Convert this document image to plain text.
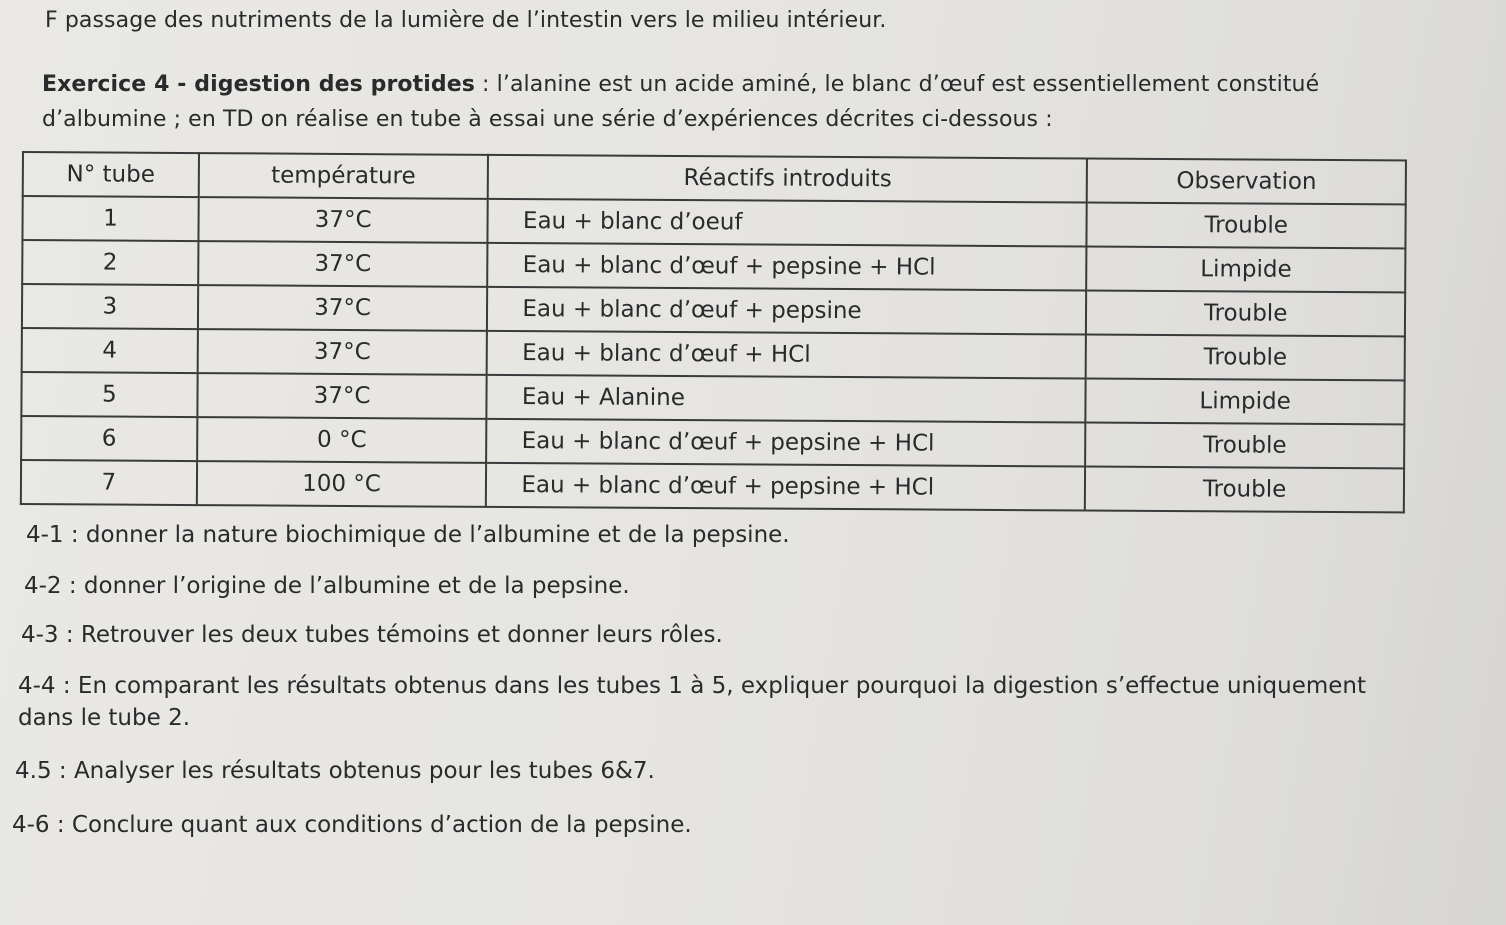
F passage des nutriments de la lumière de l’intestin vers le milieu intérieur.
Exercice 4 - digestion des protides : l’alanine est un acide aminé, le blanc d’œuf est essentiellement constitué
d’albumine ; en TD on réalise en tube à essai une série d’expériences décrites ci-dessous :
N° tube	température	Réactifs introduits	Observation
1	37°C	Eau + blanc d’oeuf	Trouble
2	37°C	Eau + blanc d’œuf + pepsine + HCl	Limpide
3	37°C	Eau + blanc d’œuf + pepsine	Trouble
4	37°C	Eau + blanc d’œuf + HCl	Trouble
5	37°C	Eau + Alanine	Limpide
6	0 °C	Eau + blanc d’œuf + pepsine + HCl	Trouble
7	100 °C	Eau + blanc d’œuf + pepsine + HCl	Trouble
4-1 : donner la nature biochimique de l’albumine et de la pepsine.
4-2 : donner l’origine de l’albumine et de la pepsine.
4-3 : Retrouver les deux tubes témoins et donner leurs rôles.
4-4 : En comparant les résultats obtenus dans les tubes 1 à 5, expliquer pourquoi la digestion s’effectue uniquement
dans le tube 2.
4.5 : Analyser les résultats obtenus pour les tubes 6&7.
4-6 : Conclure quant aux conditions d’action de la pepsine.
